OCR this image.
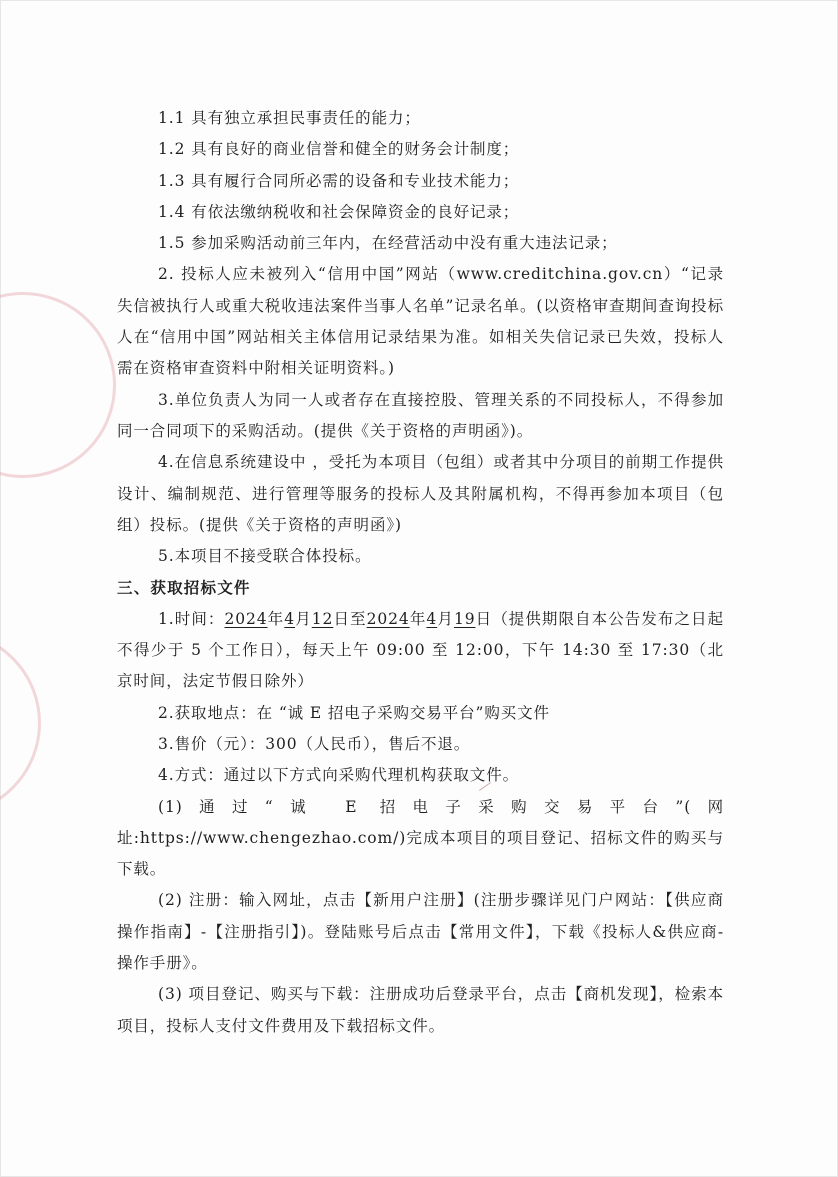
1.1 具有独立承担民事责任的能力；

1.2 具有良好的商业信誉和健全的财务会计制度；

1.3 具有履行合同所必需的设备和专业技术能力；

1.4 有依法缴纳税收和社会保障资金的良好记录；

1.5 参加采购活动前三年内，在经营活动中没有重大违法记录；

2. 投标人应未被列入“信用中国”网站（www.creditchina.gov.cn）“记录失信被执行人或重大税收违法案件当事人名单”记录名单。(以资格审查期间查询投标人在“信用中国”网站相关主体信用记录结果为准。如相关失信记录已失效，投标人需在资格审查资料中附相关证明资料。)

3.单位负责人为同一人或者存在直接控股、管理关系的不同投标人，不得参加同一合同项下的采购活动。(提供《关于资格的声明函》)。

4.在信息系统建设中 ，受托为本项目（包组）或者其中分项目的前期工作提供设计、编制规范、进行管理等服务的投标人及其附属机构，不得再参加本项目（包组）投标。(提供《关于资格的声明函》)

5.本项目不接受联合体投标。

三、获取招标文件

1.时间：2024年4月12日至2024年4月19日（提供期限自本公告发布之日起不得少于 5 个工作日），每天上午 09:00 至 12:00，下午 14:30 至 17:30（北京时间，法定节假日除外）

2.获取地点：在 “诚 E 招电子采购交易平台”购买文件

3.售价（元）：300（人民币），售后不退。

4.方式：通过以下方式向采购代理机构获取文件。

(1)通过“诚 E 招电子采购交易平台”(网址:https://www.chengezhao.com/)完成本项目的项目登记、招标文件的购买与下载。

(2) 注册：输入网址，点击【新用户注册】(注册步骤详见门户网站：【供应商操作指南】-【注册指引】)。登陆账号后点击【常用文件】，下载《投标人&供应商-操作手册》。

(3) 项目登记、购买与下载：注册成功后登录平台，点击【商机发现】，检索本项目，投标人支付文件费用及下载招标文件。
